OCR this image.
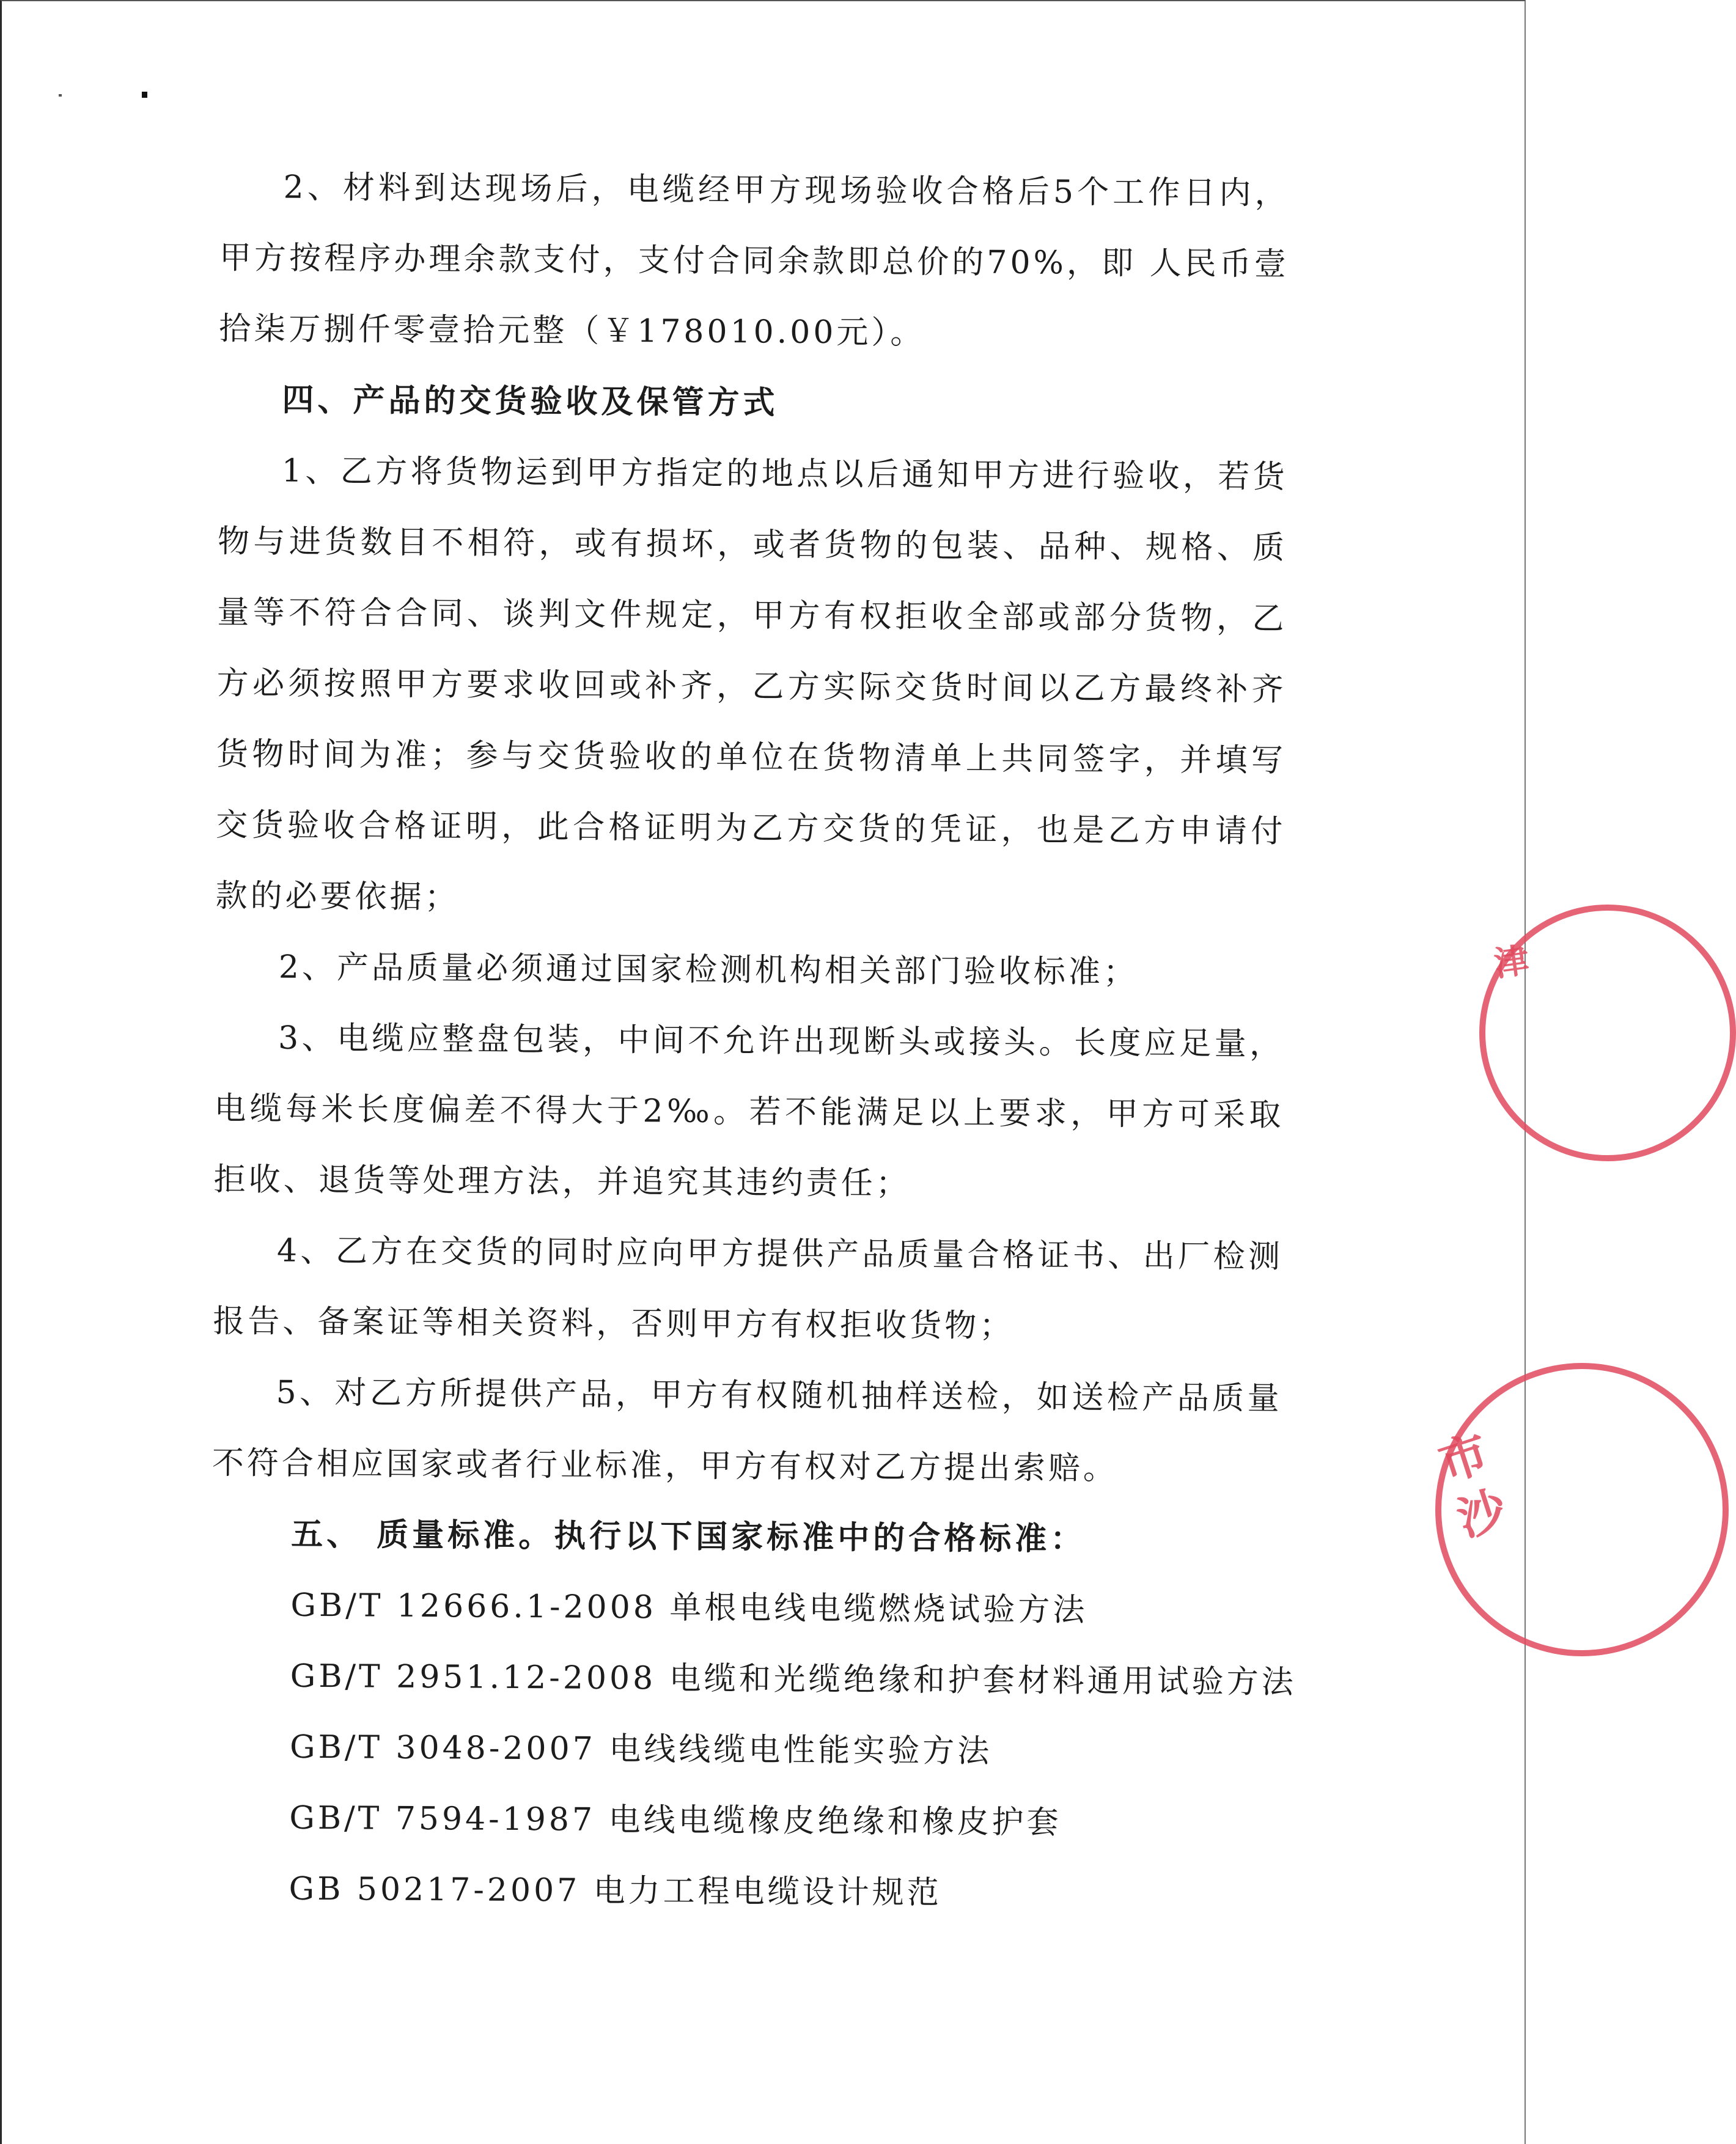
2、材料到达现场后，电缆经甲方现场验收合格后5个工作日内，甲方按程序办理余款支付，支付合同余款即总价的70%，即 人民币壹拾柒万捌仟零壹拾元整（￥178010.00元）。

四、产品的交货验收及保管方式

1、乙方将货物运到甲方指定的地点以后通知甲方进行验收，若货物与进货数目不相符，或有损坏，或者货物的包装、品种、规格、质量等不符合合同、谈判文件规定，甲方有权拒收全部或部分货物，乙方必须按照甲方要求收回或补齐，乙方实际交货时间以乙方最终补齐货物时间为准；参与交货验收的单位在货物清单上共同签字，并填写交货验收合格证明，此合格证明为乙方交货的凭证，也是乙方申请付款的必要依据；

2、产品质量必须通过国家检测机构相关部门验收标准；

3、电缆应整盘包装，中间不允许出现断头或接头。长度应足量，电缆每米长度偏差不得大于2‰。若不能满足以上要求，甲方可采取拒收、退货等处理方法，并追究其违约责任；

4、乙方在交货的同时应向甲方提供产品质量合格证书、出厂检测报告、备案证等相关资料，否则甲方有权拒收货物；

5、对乙方所提供产品，甲方有权随机抽样送检，如送检产品质量不符合相应国家或者行业标准，甲方有权对乙方提出索赔。

五、 质量标准。执行以下国家标准中的合格标准：

GB/T 12666.1-2008 单根电线电缆燃烧试验方法

GB/T 2951.12-2008 电缆和光缆绝缘和护套材料通用试验方法

GB/T 3048-2007 电线线缆电性能实验方法

GB/T 7594-1987 电线电缆橡皮绝缘和橡皮护套

GB 50217-2007 电力工程电缆设计规范

津
市沙
